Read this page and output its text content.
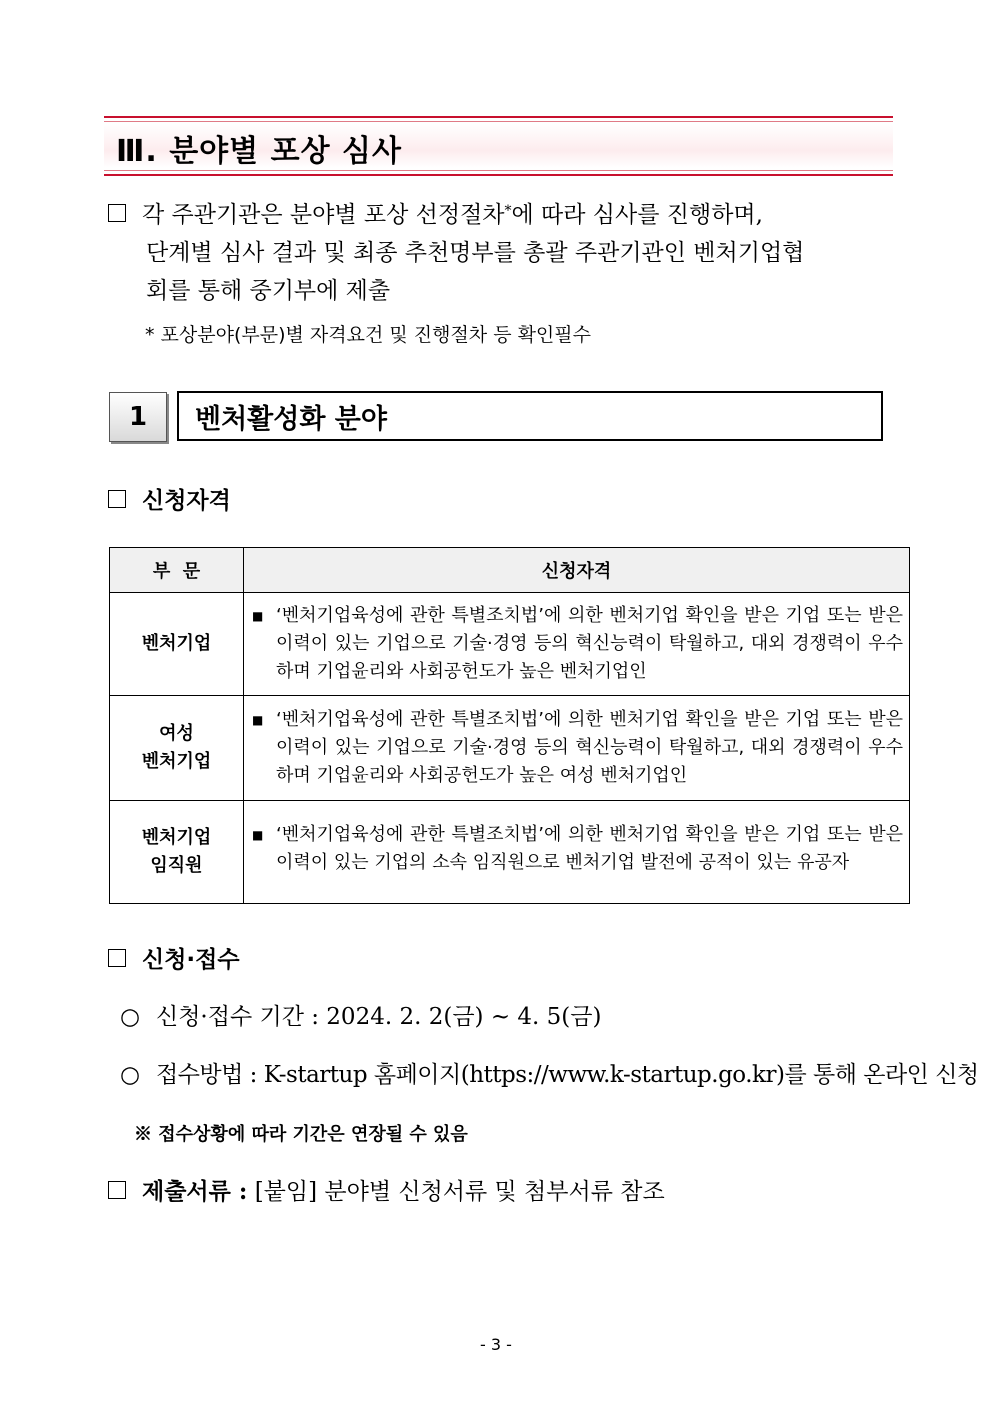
Ⅲ. 분야별 포상 심사
각 주관기관은 분야별 포상 선정절차*에 따라 심사를 진행하며,
단계별 심사 결과 및 최종 추천명부를 총괄 주관기관인 벤처기업협
회를 통해 중기부에 제출
* 포상분야(부문)별 자격요건 및 진행절차 등 확인필수
1	벤처활성화 분야
신청자격
부  문	신청자격
벤처기업	■ ‘벤처기업육성에 관한 특별조치법’에 의한 벤처기업 확인을 받은 기업 또는 받은 이력이 있는 기업으로 기술·경영 등의 혁신능력이 탁월하고, 대외 경쟁력이 우수하며 기업윤리와 사회공헌도가 높은 벤처기업인

여성
벤처기업	■ ‘벤처기업육성에 관한 특별조치법’에 의한 벤처기업 확인을 받은 기업 또는 받은 이력이 있는 기업으로 기술·경영 등의 혁신능력이 탁월하고, 대외 경쟁력이 우수하며 기업윤리와 사회공헌도가 높은 여성 벤처기업인

벤처기업
임직원	■ ‘벤처기업육성에 관한 특별조치법’에 의한 벤처기업 확인을 받은 기업 또는 받은 이력이 있는 기업의 소속 임직원으로 벤처기업 발전에 공적이 있는 유공자
신청·접수
○ 신청·접수 기간 : 2024. 2. 2(금) ~ 4. 5(금)
○ 접수방법 : K-startup 홈페이지(https://www.k-startup.go.kr)를 통해 온라인 신청
※ 접수상황에 따라 기간은 연장될 수 있음
제출서류 : [붙임] 분야별 신청서류 및 첨부서류 참조
- 3 -
